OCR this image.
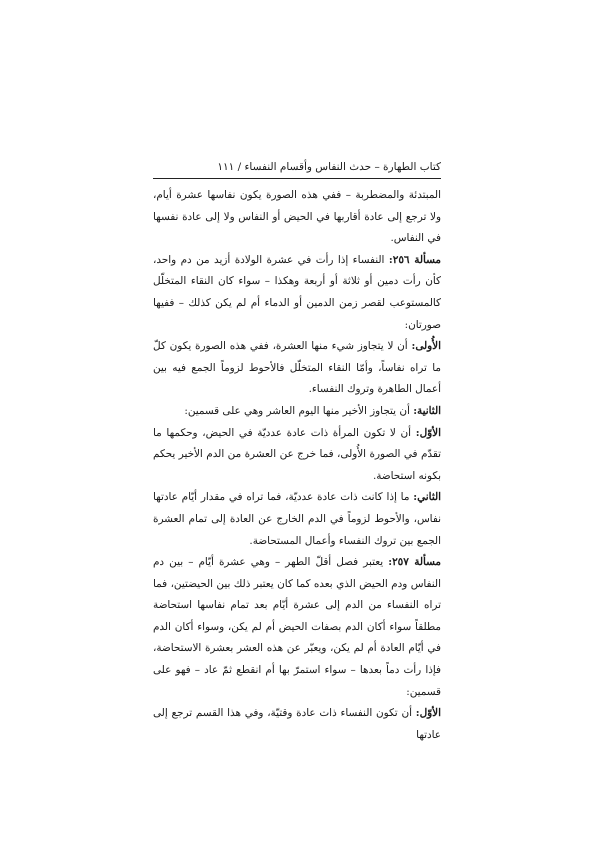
كتاب الطهارة – حدث النفاس وأقسام النفساء / ١١١

المبتدئة والمضطربة – ففي هذه الصورة يكون نفاسها عشرة أيام، ولا ترجع إلى عادة أقاربها في الحيض أو النفاس ولا إلى عادة نفسها في النفاس.

مسألة ٢٥٦: النفساء إذا رأت في عشرة الولادة أزيد من دم واحد، كأن رأت دمين أو ثلاثة أو أربعة وهكذا – سواء كان النقاء المتخلّل كالمستوعب لقصر زمن الدمين أو الدماء أم لم يكن كذلك – ففيها صورتان:

الأُولى: أن لا يتجاوز شيء منها العشرة، ففي هذه الصورة يكون كلّ ما تراه نفاساً، وأمّا النقاء المتخلّل فالأحوط لزوماً الجمع فيه بين أعمال الطاهرة وتروك النفساء.

الثانية: أن يتجاوز الأخير منها اليوم العاشر وهي على قسمين:

الأوّل: أن لا تكون المرأة ذات عادة عدديّة في الحيض، وحكمها ما تقدّم في الصورة الأُولى، فما خرج عن العشرة من الدم الأخير يحكم بكونه استحاضة.

الثاني: ما إذا كانت ذات عادة عدديّة، فما تراه في مقدار أيّام عادتها نفاس، والأحوط لزوماً في الدم الخارج عن العادة إلى تمام العشرة الجمع بين تروك النفساء وأعمال المستحاضة.

مسألة ٢٥٧: يعتبر فصل أقلّ الطهر – وهي عشرة أيّام – بين دم النفاس ودم الحيض الذي بعده كما كان يعتبر ذلك بين الحيضتين، فما تراه النفساء من الدم إلى عشرة أيّام بعد تمام نفاسها استحاضة مطلقاً سواء أكان الدم بصفات الحيض أم لم يكن، وسواء أكان الدم في أيّام العادة أم لم يكن، ويعبّر عن هذه العشر بعشرة الاستحاضة، فإذا رأت دماً بعدها – سواء استمرّ بها أم انقطع ثمّ عاد – فهو على قسمين:

الأوّل: أن تكون النفساء ذات عادة وقتيّة، وفي هذا القسم ترجع إلى عادتها
